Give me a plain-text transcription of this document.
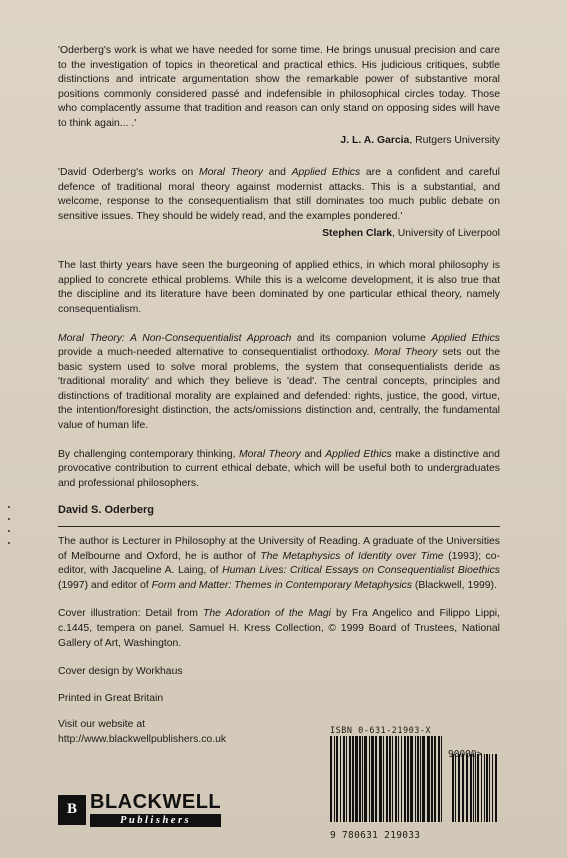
'Oderberg's work is what we have needed for some time. He brings unusual precision and care to the investigation of topics in theoretical and practical ethics. His judicious critiques, subtle distinctions and intricate argumentation show the remarkable power of substantive moral positions commonly considered passé and indefensible in philosophical circles today. Those who complacently assume that tradition and reason can only stand on opposing sides will have to think again... .'

J. L. A. Garcia, Rutgers University

'David Oderberg's works on Moral Theory and Applied Ethics are a confident and careful defence of traditional moral theory against modernist attacks. This is a substantial, and welcome, response to the consequentialism that still dominates too much public debate on sensitive issues. They should be widely read, and the examples pondered.'

Stephen Clark, University of Liverpool

The last thirty years have seen the burgeoning of applied ethics, in which moral philosophy is applied to concrete ethical problems. While this is a welcome development, it is also true that the discipline and its literature have been dominated by one particular ethical theory, namely consequentialism.

Moral Theory: A Non-Consequentialist Approach and its companion volume Applied Ethics provide a much-needed alternative to consequentialist orthodoxy. Moral Theory sets out the basic system used to solve moral problems, the system that consequentialists deride as 'traditional morality' and which they believe is 'dead'. The central concepts, principles and distinctions of traditional morality are explained and defended: rights, justice, the good, virtue, the intention/foresight distinction, the acts/omissions distinction and, centrally, the fundamental value of human life.

By challenging contemporary thinking, Moral Theory and Applied Ethics make a distinctive and provocative contribution to current ethical debate, which will be useful both to undergraduates and professional philosophers.

David S. Oderberg

The author is Lecturer in Philosophy at the University of Reading. A graduate of the Universities of Melbourne and Oxford, he is author of The Metaphysics of Identity over Time (1993); co-editor, with Jacqueline A. Laing, of Human Lives: Critical Essays on Consequentialist Bioethics (1997) and editor of Form and Matter: Themes in Contemporary Metaphysics (Blackwell, 1999).

Cover illustration: Detail from The Adoration of the Magi by Fra Angelico and Filippo Lippi, c.1445, tempera on panel. Samuel H. Kress Collection, © 1999 Board of Trustees, National Gallery of Art, Washington.

Cover design by Workhaus

Printed in Great Britain

Visit our website at
http://www.blackwellpublishers.co.uk

ISBN 0-631-21903-X
90000>
9 780631 219033
B BLACKWELL
Publishers
